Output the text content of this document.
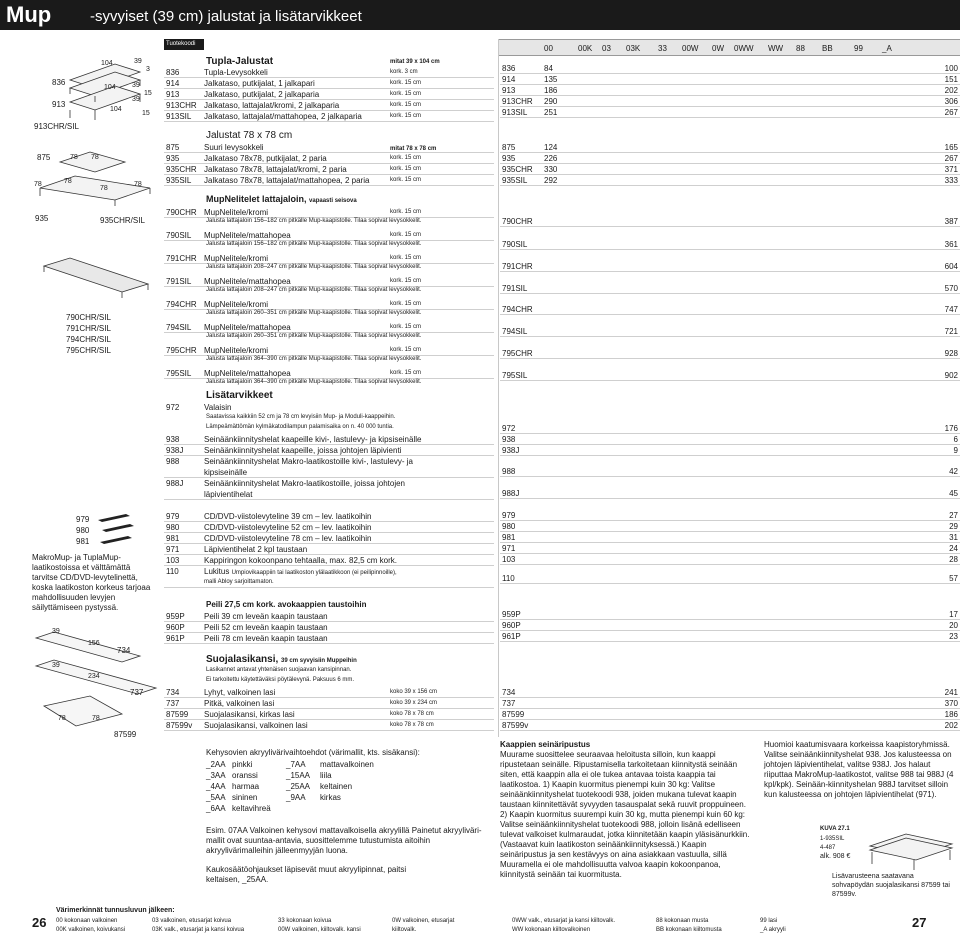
Mup	-syvyiset (39 cm) jalustat ja lisätarvikkeet
104	39
3
104 39
15
104
39
15
836
913
913CHR/SIL
875	78 78
78	78
78
78
935	935CHR/SIL
790CHR/SIL
791CHR/SIL
794CHR/SIL
795CHR/SIL
979
980
981
MakroMup- ja TuplaMup-laatikostoissa et välttämättä tarvitse CD/DVD-levytelinettä, koska laatikoston korkeus tarjoaa mahdollisuuden levyjen säilyttämiseen pystyssä.
39
156
734
39
234
737
78	78
87599
Tuotekoodi	00	00K 03 03K 33 00W 0W 0WW WW 88 BB	99 _A
Tupla-Jalustat	mitat 39 x 104 cm
836	Tupla-Levysokkeli	kork. 3 cm
914	Jalkataso, putkijalat, 1 jalkapari	kork. 15 cm
913	Jalkataso, putkijalat, 2 jalkaparia	kork. 15 cm
913CHR Jalkataso, lattajalat/kromi, 2 jalkaparia	kork. 15 cm
913SIL Jalkataso, lattajalat/mattahopea, 2 jalkaparia	kork. 15 cm
836	84	100
914	135	151
913	186	202
913CHR 290	306
913SIL 251	267
Jalustat 78 x 78 cm
mitat 78 x 78 cm
875	Suuri levysokkeli
935	Jalkataso 78x78, putkijalat, 2 paria	kork. 15 cm
935CHR Jalkataso 78x78, lattajalat/kromi, 2 paria	kork. 15 cm
935SIL Jalkataso 78x78, lattajalat/mattahopea, 2 paria	kork. 15 cm
875	124	165
935	226	267
935CHR 330	371
935SIL 292	333
MupNelitelet lattajaloin, vapaasti seisova
790CHR MupNelitele/kromi	kork. 15 cm
Jalusta lattajaloin 156–182 cm pitkälle Mup-kaapistolle. Tilaa sopivat levysokkelit.
790SIL MupNelitele/mattahopea	kork. 15 cm
Jalusta lattajaloin 156–182 cm pitkälle Mup-kaapistolle. Tilaa sopivat levysokkelit.
791CHR MupNelitele/kromi	kork. 15 cm
Jalusta lattajaloin 208–247 cm pitkälle Mup-kaapistolle. Tilaa sopivat levysokkelit.
791SIL MupNelitele/mattahopea	kork. 15 cm
Jalusta lattajaloin 208–247 cm pitkälle Mup-kaapistolle. Tilaa sopivat levysokkelit.
794CHR MupNelitele/kromi	kork. 15 cm
Jalusta lattajaloin 260–351 cm pitkälle Mup-kaapistolle. Tilaa sopivat levysokkelit.
794SIL MupNelitele/mattahopea	kork. 15 cm
Jalusta lattajaloin 260–351 cm pitkälle Mup-kaapistolle. Tilaa sopivat levysokkelit.
795CHR MupNelitele/kromi	kork. 15 cm
Jalusta lattajaloin 364–390 cm pitkälle Mup-kaapistolle. Tilaa sopivat levysokkelit.
795SIL MupNelitele/mattahopea	kork. 15 cm
Jalusta lattajaloin 364–390 cm pitkälle Mup-kaapistolle. Tilaa sopivat levysokkelit.
790CHR	387
790SIL	361
791CHR	604
791SIL	570
794CHR	747
794SIL	721
795CHR	928
795SIL	902
Lisätarvikkeet
972	Valaisin
Saatavissa kaikkiin 52 cm ja 78 cm levyisiin Mup- ja Moduli-kaappeihin.
Lämpeämättömän kylmäkatodilampun palamisaika on n. 40 000 tuntia.
938	Seinäänkiinnityshelat kaapeille kivi-, lastulevy- ja kipsiseinälle
938J	Seinäänkiinnityshelat kaapeille, joissa johtojen läpivienti
988	Seinäänkiinnityshelat Makro-laatikostoille kivi-, lastulevy- ja
kipsiseinälle
988J	Seinäänkiinnityshelat Makro-laatikostoille, joissa johtojen
läpivientihelat
972	176
938	6
938J	9
988	42
988J	45
979	CD/DVD-viistolevyteline 39 cm – lev. laatikoihin
980	CD/DVD-viistolevyteline 52 cm – lev. laatikoihin
981	CD/DVD-viistolevyteline 78 cm – lev. laatikoihin
971	Läpivientihelat 2 kpl taustaan
103	Kappiringon kokoonpano tehtaalla, max. 82,5 cm kork.
110	Lukitus Umpiovikaappiin tai laatikoston ylälaatikkoon (ei peilipinnoille),
malli Abloy sarjoittamaton.
979	27
980	29
981	31
971	24
103	28
110	57
Peili 27,5 cm kork. avokaappien taustoihin
959P Peili 39 cm leveän kaapin taustaan
960P Peili 52 cm leveän kaapin taustaan
961P Peili 78 cm leveän kaapin taustaan
959P	17
960P	20
961P	23
Suojalasikansi, 39 cm syvyisiin Muppeihin
Lasikannet antavat yhtenäisen suojaavan kansipinnan.
Ei tarkoitettu käytettäväksi pöytälevynä. Paksuus 6 mm.
734	Lyhyt, valkoinen lasi	koko 39 x 156 cm
737	Pitkä, valkoinen lasi	koko 39 x 234 cm
87599 Suojalasikansi, kirkas lasi	koko 78 x 78 cm
87599v Suojalasikansi, valkoinen lasi	koko 78 x 78 cm
734	241
737	370
87599	186
87599v	202
Kehysovien akryylivärivaihtoehdot (värimallit, kts. sisäkansi):
_2AA pinkki	_7AA mattavalkoinen
_3AA oranssi	_15AA liila
_4AA harmaa	_25AA keltainen
_5AA sininen	_9AA kirkas
_6AA keltavihreä
Esim. 07AA Valkoinen kehysovi mattavalkoisella akryylillä Painetut akryyliväri-mallit ovat suuntaa-antavia, suosittelemme tutustumista aitoihin akryylivärimalleihin jälleenmyyjän luona.
Kaukosäätöohjaukset läpisevät muut akryylipinnat, paitsi keltaisen, _25AA.
Kaappien seinäripustus
Muurame suosittelee seuraavaa heloitusta silloin, kun kaappi ripustetaan seinälle. Ripustamisella tarkoitetaan kiinnitystä seinään siten, että kaappin alla ei ole tukea antavaa toista kaappia tai laatikostoa. 1) Kaapin kuormitus pienempi kuin 30 kg: Valitse seinäänkiinnityshelat tuotekoodi 938, joiden mukana tulevat kaapin taustaan kiinnitettävät syvyyden tasauspalat sekä ruuvit proppuineen. 2) Kaapin kuormitus suurempi kuin 30 kg, mutta pienempi kuin 60 kg: Valitse seinäänkiinnityshelat tuotekoodi 988, jolloin lisänä edelliseen tulevat valkoiset kulmaraudat, jotka kiinnitetään kaapin yläsisänurkkiin. (Vastaavat kuin laatikoston seinäänkiinnityksessä.) Kaapin seinäripustus ja sen kestävyys on aina asiakkaan vastuulla, sillä Muuramella ei ole mahdollisuutta valvoa kaapin kokoonpanoa, kiinnitystä seinään tai kuormitusta.
Huomioi kaatumisvaara korkeissa kaapistoryhmissä. Valitse seinäänkiinnityshelat 938. Jos kalusteessa on johtojen läpivientihelat, valitse 938J. Jos halaut riiputtaa MakroMup-laatikostot, valitse 988 tai 988J (4 kpl/kpk). Seinään-kiinnityshelan 988J tarvitset silloin kun kalusteessa on johtojen läpivientihelat (971).
KUVA 27.1
1-935SIL
4-487
alk. 908 €
Lisävarusteena saatavana sohvapöydän suojalasikansi 87599 tai 87599v.
26	27
Värimerkinnät tunnusluvun jälkeen:
00 kokonaan valkoinen
00K valkoinen, koivukansi
03 valkoinen, etusarjat koivua
03K valk., etusarjat ja kansi koivua
33 kokonaan koivua
00W valkoinen, kiiltovalk. kansi
0W valkoinen, etusarjat
kiiltovalk.
0WW valk., etusarjat ja kansi kiiltovalk.
WW kokonaan kiiltovalkoinen
88 kokonaan musta
BB kokonaan kiiltomusta
99 lasi
_A akryyli
